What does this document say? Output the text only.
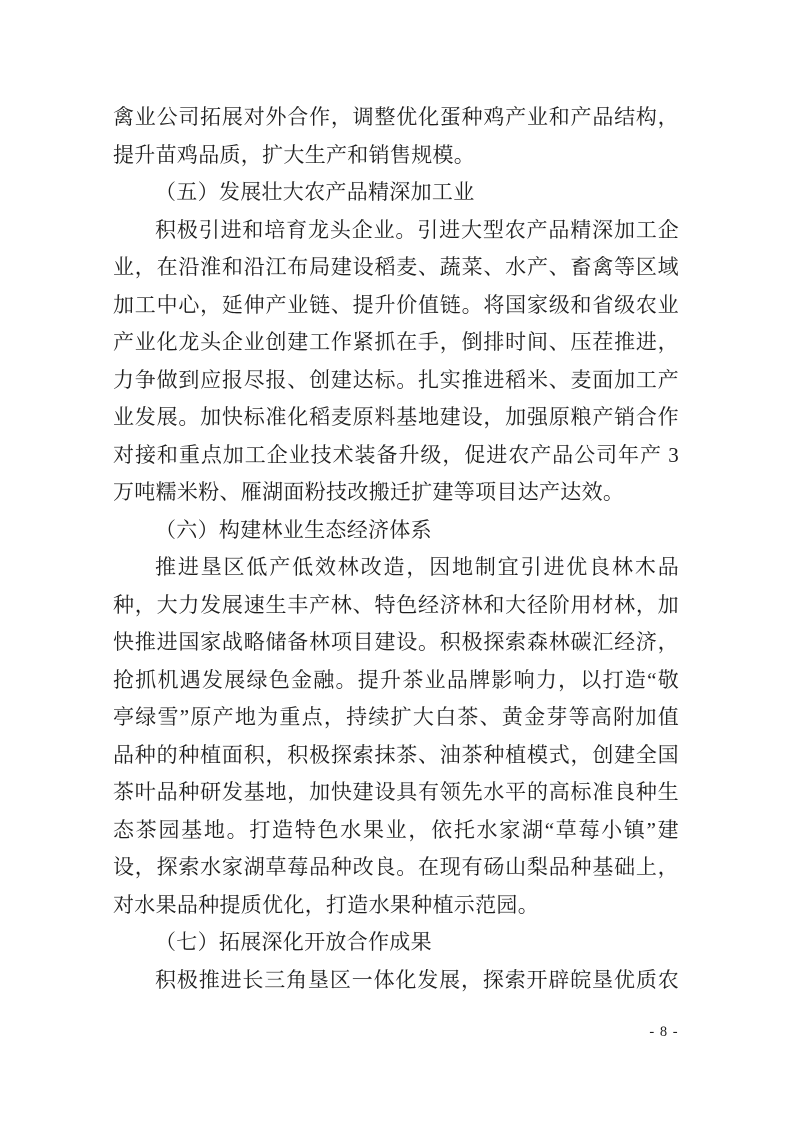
禽业公司拓展对外合作，调整优化蛋种鸡产业和产品结构，
提升苗鸡品质，扩大生产和销售规模。
（五）发展壮大农产品精深加工业
积极引进和培育龙头企业。引进大型农产品精深加工企
业，在沿淮和沿江布局建设稻麦、蔬菜、水产、畜禽等区域
加工中心，延伸产业链、提升价值链。将国家级和省级农业
产业化龙头企业创建工作紧抓在手，倒排时间、压茬推进，
力争做到应报尽报、创建达标。扎实推进稻米、麦面加工产
业发展。加快标准化稻麦原料基地建设，加强原粮产销合作
对接和重点加工企业技术装备升级，促进农产品公司年产 3
万吨糯米粉、雁湖面粉技改搬迁扩建等项目达产达效。
（六）构建林业生态经济体系
推进垦区低产低效林改造，因地制宜引进优良林木品
种，大力发展速生丰产林、特色经济林和大径阶用材林，加
快推进国家战略储备林项目建设。积极探索森林碳汇经济，
抢抓机遇发展绿色金融。提升茶业品牌影响力，以打造“敬
亭绿雪”原产地为重点，持续扩大白茶、黄金芽等高附加值
品种的种植面积，积极探索抹茶、油茶种植模式，创建全国
茶叶品种研发基地，加快建设具有领先水平的高标准良种生
态茶园基地。打造特色水果业，依托水家湖“草莓小镇”建
设，探索水家湖草莓品种改良。在现有砀山梨品种基础上，
对水果品种提质优化，打造水果种植示范园。
（七）拓展深化开放合作成果
积极推进长三角垦区一体化发展，探索开辟皖垦优质农
- 8 -
